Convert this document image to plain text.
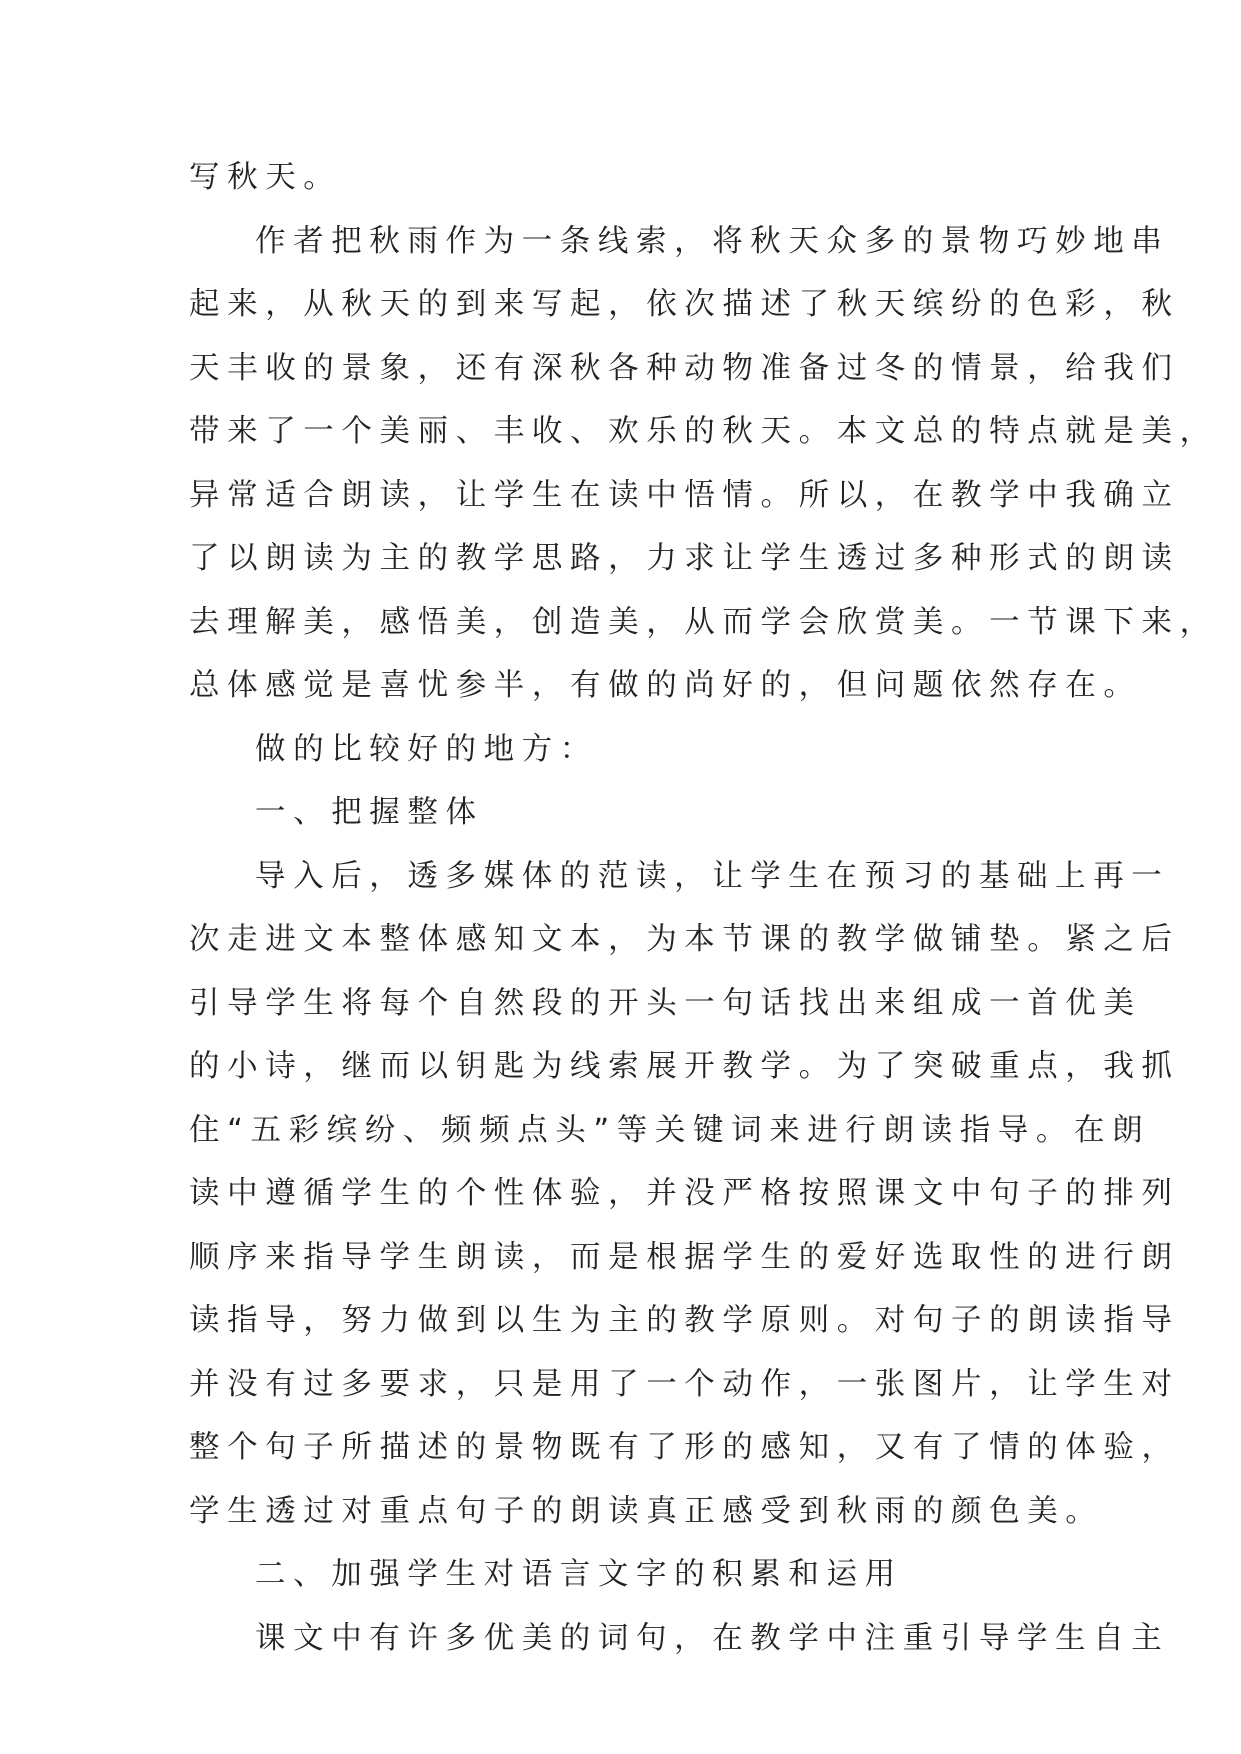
写秋天。
作者把秋雨作为一条线索，将秋天众多的景物巧妙地串
起来，从秋天的到来写起，依次描述了秋天缤纷的色彩，秋
天丰收的景象，还有深秋各种动物准备过冬的情景，给我们
带来了一个美丽、丰收、欢乐的秋天。本文总的特点就是美，
异常适合朗读，让学生在读中悟情。所以，在教学中我确立
了以朗读为主的教学思路，力求让学生透过多种形式的朗读
去理解美，感悟美，创造美，从而学会欣赏美。一节课下来，
总体感觉是喜忧参半，有做的尚好的，但问题依然存在。
做的比较好的地方：
一、把握整体
导入后，透多媒体的范读，让学生在预习的基础上再一
次走进文本整体感知文本，为本节课的教学做铺垫。紧之后
引导学生将每个自然段的开头一句话找出来组成一首优美
的小诗，继而以钥匙为线索展开教学。为了突破重点，我抓
住“五彩缤纷、频频点头”等关键词来进行朗读指导。在朗
读中遵循学生的个性体验，并没严格按照课文中句子的排列
顺序来指导学生朗读，而是根据学生的爱好选取性的进行朗
读指导，努力做到以生为主的教学原则。对句子的朗读指导
并没有过多要求，只是用了一个动作，一张图片，让学生对
整个句子所描述的景物既有了形的感知，又有了情的体验，
学生透过对重点句子的朗读真正感受到秋雨的颜色美。
二、加强学生对语言文字的积累和运用
课文中有许多优美的词句，在教学中注重引导学生自主
